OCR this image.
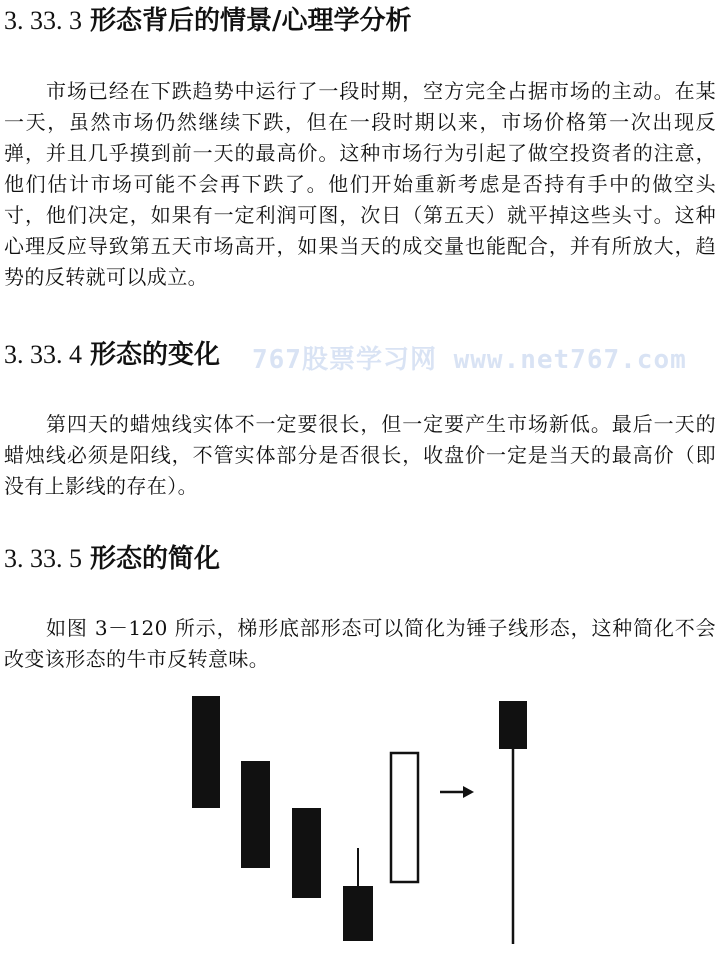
3. 33. 3 形态背后的情景/心理学分析

市场已经在下跌趋势中运行了一段时期，空方完全占据市场的主动。在某一天，虽然市场仍然继续下跌，但在一段时期以来，市场价格第一次出现反弹，并且几乎摸到前一天的最高价。这种市场行为引起了做空投资者的注意，他们估计市场可能不会再下跌了。他们开始重新考虑是否持有手中的做空头寸，他们决定，如果有一定利润可图，次日（第五天）就平掉这些头寸。这种心理反应导致第五天市场高开，如果当天的成交量也能配合，并有所放大，趋势的反转就可以成立。

3. 33. 4 形态的变化 767股票学习网 www.net767.com

第四天的蜡烛线实体不一定要很长，但一定要产生市场新低。最后一天的蜡烛线必须是阳线，不管实体部分是否很长，收盘价一定是当天的最高价（即没有上影线的存在）。

3. 33. 5 形态的简化

如图 3－120 所示，梯形底部形态可以简化为锤子线形态，这种简化不会改变该形态的牛市反转意味。
